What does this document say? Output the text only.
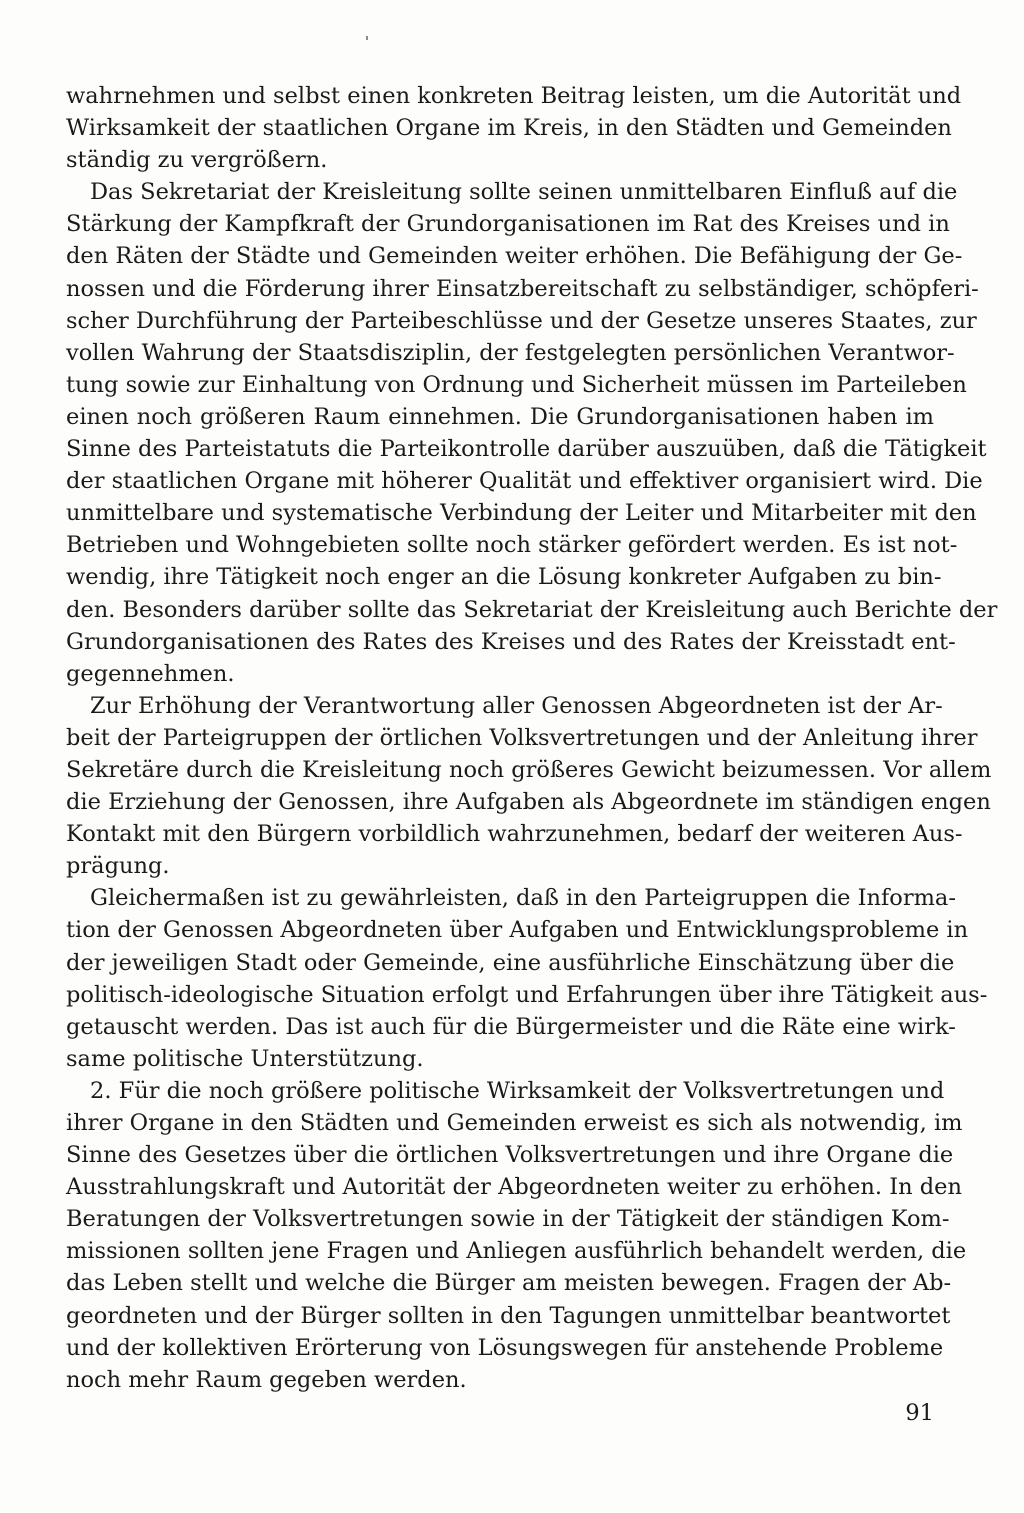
wahrnehmen und selbst einen konkreten Beitrag leisten, um die Autorität und
Wirksamkeit der staatlichen Organe im Kreis, in den Städten und Gemeinden
ständig zu vergrößern.
Das Sekretariat der Kreisleitung sollte seinen unmittelbaren Einfluß auf die
Stärkung der Kampfkraft der Grundorganisationen im Rat des Kreises und in
den Räten der Städte und Gemeinden weiter erhöhen. Die Befähigung der Ge-
nossen und die Förderung ihrer Einsatzbereitschaft zu selbständiger, schöpferi-
scher Durchführung der Parteibeschlüsse und der Gesetze unseres Staates, zur
vollen Wahrung der Staatsdisziplin, der festgelegten persönlichen Verantwor-
tung sowie zur Einhaltung von Ordnung und Sicherheit müssen im Parteileben
einen noch größeren Raum einnehmen. Die Grundorganisationen haben im
Sinne des Parteistatuts die Parteikontrolle darüber auszuüben, daß die Tätigkeit
der staatlichen Organe mit höherer Qualität und effektiver organisiert wird. Die
unmittelbare und systematische Verbindung der Leiter und Mitarbeiter mit den
Betrieben und Wohngebieten sollte noch stärker gefördert werden. Es ist not-
wendig, ihre Tätigkeit noch enger an die Lösung konkreter Aufgaben zu bin-
den. Besonders darüber sollte das Sekretariat der Kreisleitung auch Berichte der
Grundorganisationen des Rates des Kreises und des Rates der Kreisstadt ent-
gegennehmen.
Zur Erhöhung der Verantwortung aller Genossen Abgeordneten ist der Ar-
beit der Parteigruppen der örtlichen Volksvertretungen und der Anleitung ihrer
Sekretäre durch die Kreisleitung noch größeres Gewicht beizumessen. Vor allem
die Erziehung der Genossen, ihre Aufgaben als Abgeordnete im ständigen engen
Kontakt mit den Bürgern vorbildlich wahrzunehmen, bedarf der weiteren Aus-
prägung.
Gleichermaßen ist zu gewährleisten, daß in den Parteigruppen die Informa-
tion der Genossen Abgeordneten über Aufgaben und Entwicklungsprobleme in
der jeweiligen Stadt oder Gemeinde, eine ausführliche Einschätzung über die
politisch-ideologische Situation erfolgt und Erfahrungen über ihre Tätigkeit aus-
getauscht werden. Das ist auch für die Bürgermeister und die Räte eine wirk-
same politische Unterstützung.
2. Für die noch größere politische Wirksamkeit der Volksvertretungen und
ihrer Organe in den Städten und Gemeinden erweist es sich als notwendig, im
Sinne des Gesetzes über die örtlichen Volksvertretungen und ihre Organe die
Ausstrahlungskraft und Autorität der Abgeordneten weiter zu erhöhen. In den
Beratungen der Volksvertretungen sowie in der Tätigkeit der ständigen Kom-
missionen sollten jene Fragen und Anliegen ausführlich behandelt werden, die
das Leben stellt und welche die Bürger am meisten bewegen. Fragen der Ab-
geordneten und der Bürger sollten in den Tagungen unmittelbar beantwortet
und der kollektiven Erörterung von Lösungswegen für anstehende Probleme
noch mehr Raum gegeben werden.
91
